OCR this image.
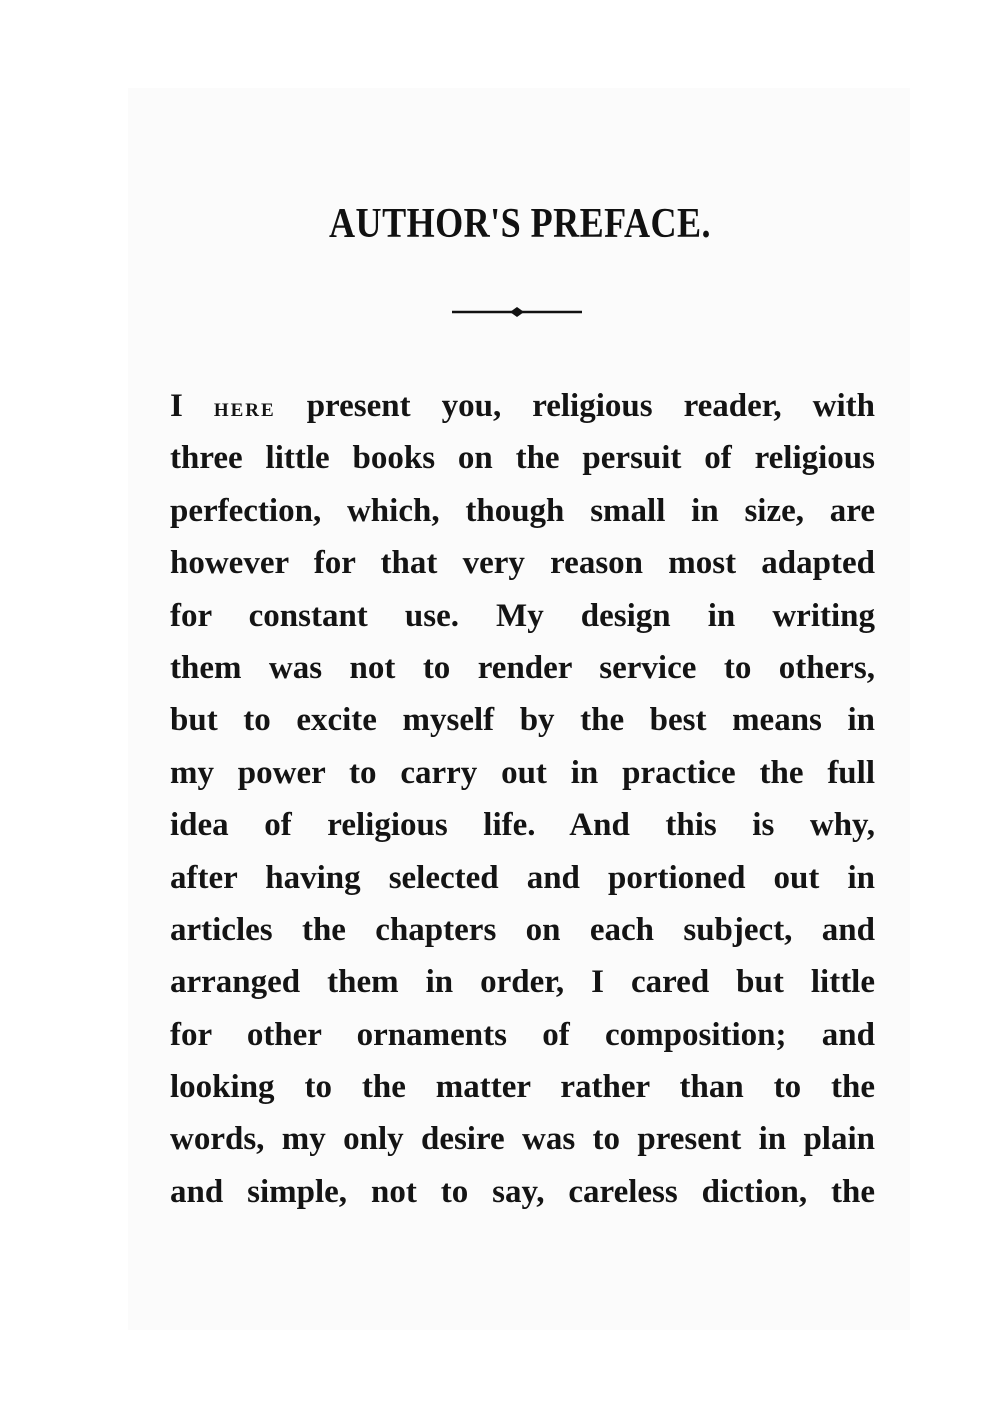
AUTHOR'S PREFACE.
I here present you, religious reader, with
three little books on the persuit of religious
perfection, which, though small in size, are
however for that very reason most adapted
for constant use. My design in writing
them was not to render service to others,
but to excite myself by the best means in
my power to carry out in practice the full
idea of religious life. And this is why,
after having selected and portioned out in
articles the chapters on each subject, and
arranged them in order, I cared but little
for other ornaments of composition; and
looking to the matter rather than to the
words, my only desire was to present in plain
and simple, not to say, careless diction, the
